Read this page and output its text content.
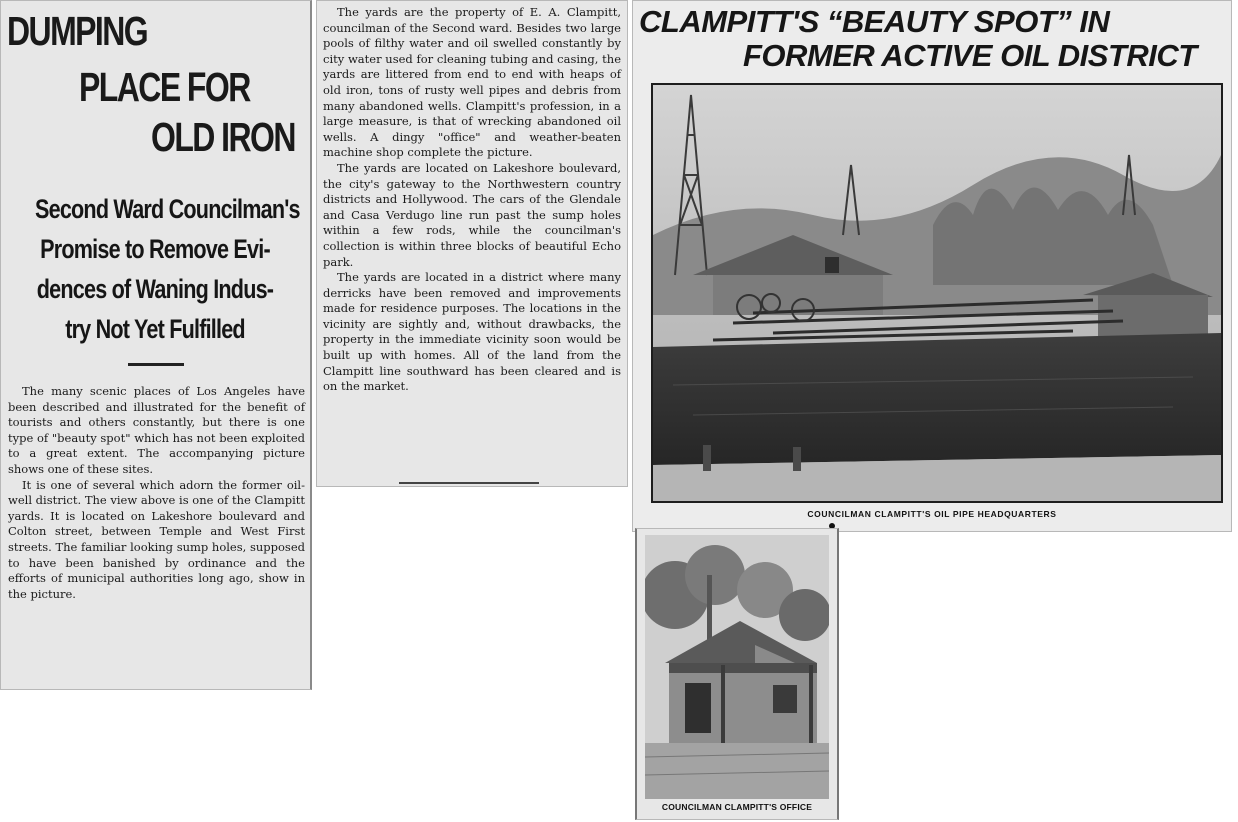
DUMPING
PLACE FOR
OLD IRON
Second Ward Councilman's
Promise to Remove Evi-
dences of Waning Indus-
try Not Yet Fulfilled

The many scenic places of Los Angeles have been described and illustrated for the benefit of tourists and others constantly, but there is one type of "beauty spot" which has not been exploited to a great extent. The accompanying picture shows one of these sites.

It is one of several which adorn the former oil-well district. The view above is one of the Clampitt yards. It is located on Lakeshore boulevard and Colton street, between Temple and West First streets. The familiar looking sump holes, supposed to have been banished by ordinance and the efforts of municipal authorities long ago, show in the picture.

The yards are the property of E. A. Clampitt, councilman of the Second ward. Besides two large pools of filthy water and oil swelled constantly by city water used for cleaning tubing and casing, the yards are littered from end to end with heaps of old iron, tons of rusty well pipes and debris from many abandoned wells. Clampitt's profession, in a large measure, is that of wrecking abandoned oil wells. A dingy "office" and weather-beaten machine shop complete the picture.

The yards are located on Lakeshore boulevard, the city's gateway to the Northwestern country districts and Hollywood. The cars of the Glendale and Casa Verdugo line run past the sump holes within a few rods, while the councilman's collection is within three blocks of beautiful Echo park.

The yards are located in a district where many derricks have been removed and improvements made for residence purposes. The locations in the vicinity are sightly and, without drawbacks, the property in the immediate vicinity soon would be built up with homes. All of the land from the Clampitt line southward has been cleared and is on the market.

CLAMPITT'S “BEAUTY SPOT” IN
FORMER ACTIVE OIL DISTRICT

COUNCILMAN CLAMPITT'S OIL PIPE HEADQUARTERS

COUNCILMAN CLAMPITT'S OFFICE
